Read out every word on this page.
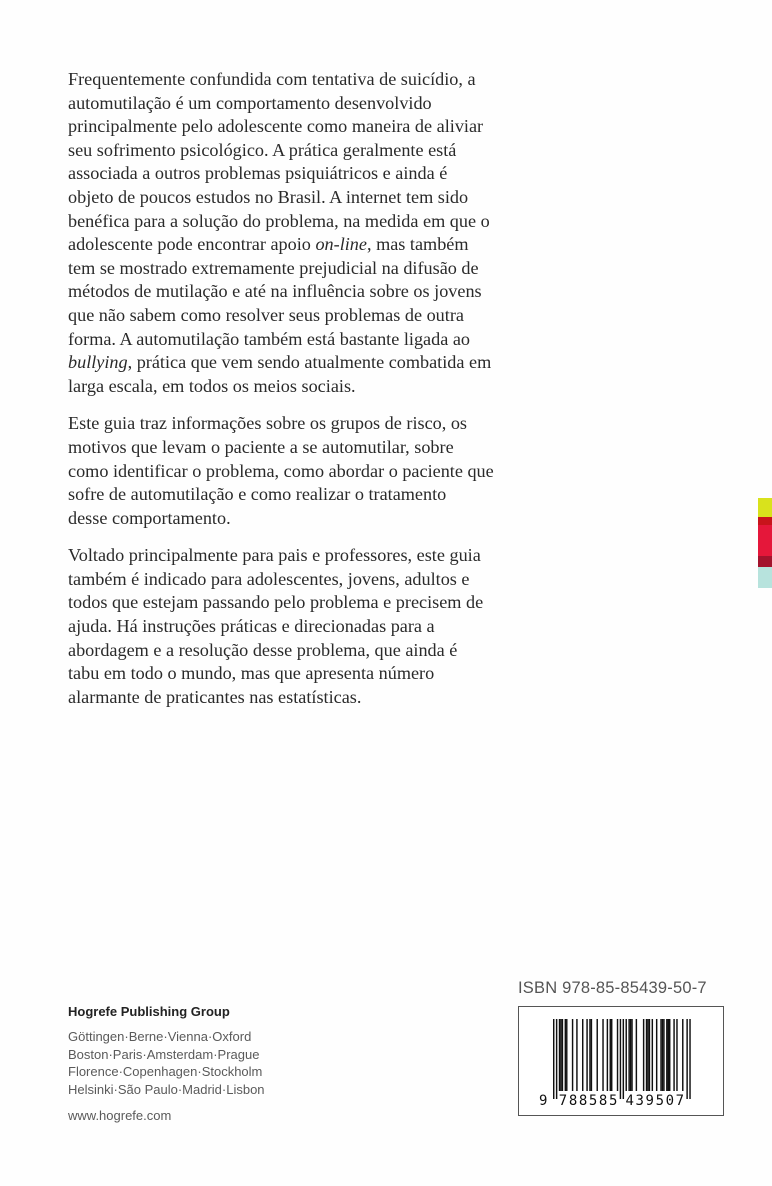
Frequentemente confundida com tentativa de suicídio, a
automutilação é um comportamento desenvolvido
principalmente pelo adolescente como maneira de aliviar
seu sofrimento psicológico. A prática geralmente está
associada a outros problemas psiquiátricos e ainda é
objeto de poucos estudos no Brasil. A internet tem sido
benéfica para a solução do problema, na medida em que o
adolescente pode encontrar apoio on-line, mas também
tem se mostrado extremamente prejudicial na difusão de
métodos de mutilação e até na influência sobre os jovens
que não sabem como resolver seus problemas de outra
forma. A automutilação também está bastante ligada ao
bullying, prática que vem sendo atualmente combatida em
larga escala, em todos os meios sociais.
Este guia traz informações sobre os grupos de risco, os
motivos que levam o paciente a se automutilar, sobre
como identificar o problema, como abordar o paciente que
sofre de automutilação e como realizar o tratamento
desse comportamento.
Voltado principalmente para pais e professores, este guia
também é indicado para adolescentes, jovens, adultos e
todos que estejam passando pelo problema e precisem de
ajuda. Há instruções práticas e direcionadas para a
abordagem e a resolução desse problema, que ainda é
tabu em todo o mundo, mas que apresenta número
alarmante de praticantes nas estatísticas.
Hogrefe Publishing Group
Göttingen·Berne·Vienna·Oxford
Boston·Paris·Amsterdam·Prague
Florence·Copenhagen·Stockholm
Helsinki·São Paulo·Madrid·Lisbon
www.hogrefe.com
ISBN 978-85-85439-50-7
9 788585 439507
